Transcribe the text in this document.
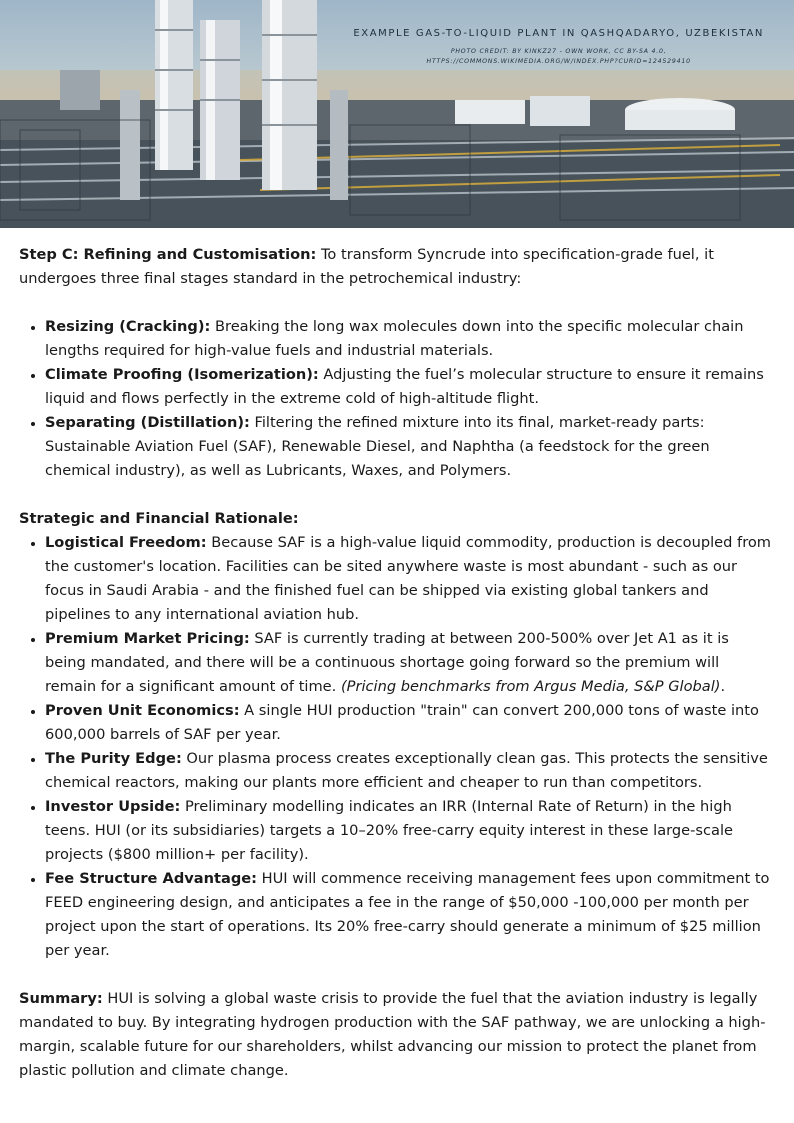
EXAMPLE GAS-TO-LIQUID PLANT IN QASHQADARYO, UZBEKISTAN
PHOTO CREDIT: BY KINKZ27 - OWN WORK, CC BY-SA 4.0,
HTTPS://COMMONS.WIKIMEDIA.ORG/W/INDEX.PHP?CURID=124529410

Step C: Refining and Customisation: To transform Syncrude into specification-grade fuel, it undergoes three final stages standard in the petrochemical industry:

• Resizing (Cracking): Breaking the long wax molecules down into the specific molecular chain lengths required for high-value fuels and industrial materials.
• Climate Proofing (Isomerization): Adjusting the fuel’s molecular structure to ensure it remains liquid and flows perfectly in the extreme cold of high-altitude flight.
• Separating (Distillation): Filtering the refined mixture into its final, market-ready parts: Sustainable Aviation Fuel (SAF), Renewable Diesel, and Naphtha (a feedstock for the green chemical industry), as well as Lubricants, Waxes, and Polymers.

Strategic and Financial Rationale:

• Logistical Freedom: Because SAF is a high-value liquid commodity, production is decoupled from the customer's location. Facilities can be sited anywhere waste is most abundant - such as our focus in Saudi Arabia - and the finished fuel can be shipped via existing global tankers and pipelines to any international aviation hub.
• Premium Market Pricing: SAF is currently trading at between 200-500% over Jet A1 as it is being mandated, and there will be a continuous shortage going forward so the premium will remain for a significant amount of time. (Pricing benchmarks from Argus Media, S&P Global).
• Proven Unit Economics: A single HUI production "train" can convert 200,000 tons of waste into 600,000 barrels of SAF per year.
• The Purity Edge: Our plasma process creates exceptionally clean gas. This protects the sensitive chemical reactors, making our plants more efficient and cheaper to run than competitors.
• Investor Upside: Preliminary modelling indicates an IRR (Internal Rate of Return) in the high teens. HUI (or its subsidiaries) targets a 10–20% free-carry equity interest in these large-scale projects ($800 million+ per facility).
• Fee Structure Advantage: HUI will commence receiving management fees upon commitment to FEED engineering design, and anticipates a fee in the range of $50,000 -100,000 per month per project upon the start of operations. Its 20% free-carry should generate a minimum of $25 million per year.

Summary: HUI is solving a global waste crisis to provide the fuel that the aviation industry is legally mandated to buy. By integrating hydrogen production with the SAF pathway, we are unlocking a high-margin, scalable future for our shareholders, whilst advancing our mission to protect the planet from plastic pollution and climate change.
